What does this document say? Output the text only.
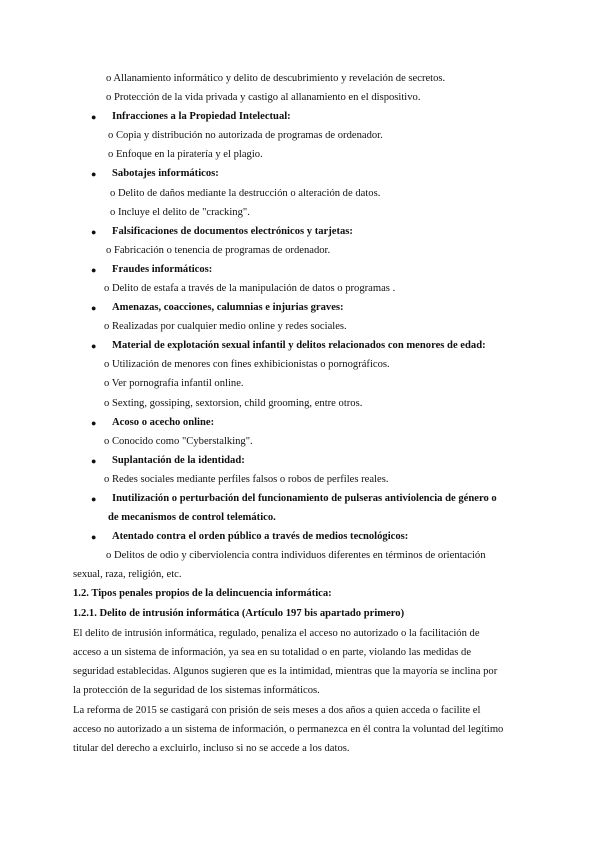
o Allanamiento informático y delito de descubrimiento y revelación de secretos.
o Protección de la vida privada y castigo al allanamiento en el dispositivo.
● Infracciones a la Propiedad Intelectual:
o Copia y distribución no autorizada de programas de ordenador.
o Enfoque en la piratería y el plagio.
● Sabotajes informáticos:
o Delito de daños mediante la destrucción o alteración de datos.
o Incluye el delito de "cracking".
● Falsificaciones de documentos electrónicos y tarjetas:
o Fabricación o tenencia de programas de ordenador.
● Fraudes informáticos:
o Delito de estafa a través de la manipulación de datos o programas .
● Amenazas, coacciones, calumnias e injurias graves:
o Realizadas por cualquier medio online y redes sociales.
● Material de explotación sexual infantil y delitos relacionados con menores de edad:
o Utilización de menores con fines exhibicionistas o pornográficos.
o Ver pornografía infantil online.
o Sexting, gossiping, sextorsion, child grooming, entre otros.
● Acoso o acecho online:
o Conocido como "Cyberstalking".
● Suplantación de la identidad:
o Redes sociales mediante perfiles falsos o robos de perfiles reales.
● Inutilización o perturbación del funcionamiento de pulseras antiviolencia de género o
de mecanismos de control telemático.
● Atentado contra el orden público a través de medios tecnológicos:
o Delitos de odio y ciberviolencia contra individuos diferentes en términos de orientación
sexual, raza, religión, etc.
1.2. Tipos penales propios de la delincuencia informática:
1.2.1. Delito de intrusión informática (Artículo 197 bis apartado primero)
El delito de intrusión informática, regulado, penaliza el acceso no autorizado o la facilitación de
acceso a un sistema de información, ya sea en su totalidad o en parte, violando las medidas de
seguridad establecidas. Algunos sugieren que es la intimidad, mientras que la mayoría se inclina por
la protección de la seguridad de los sistemas informáticos.
La reforma de 2015 se castigará con prisión de seis meses a dos años a quien acceda o facilite el
acceso no autorizado a un sistema de información, o permanezca en él contra la voluntad del legítimo
titular del derecho a excluirlo, incluso si no se accede a los datos.
